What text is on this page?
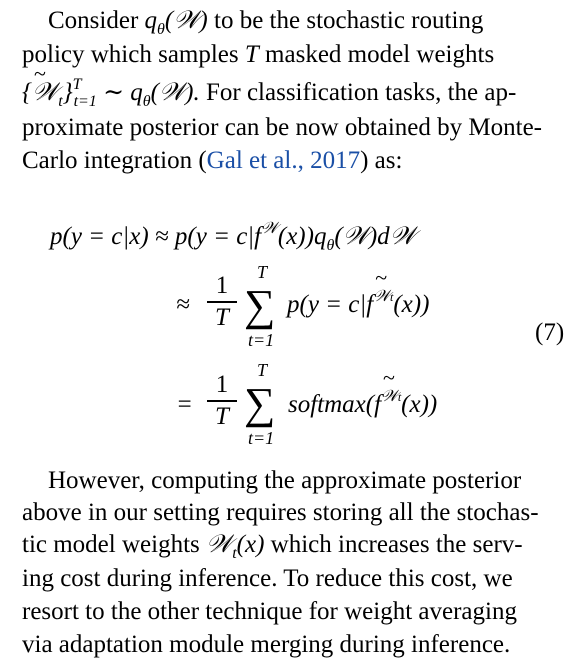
Consider $q_\theta(𝒲)$ to be the stochastic routing
policy which samples T masked model weights
{~ 𝒲$_t$}$^T_{t=1}$ ∼ $q_\theta(𝒲)$. For classification tasks, the ap-
proximate posterior can be now obtained by Monte-
Carlo integration (Gal et al., 2017) as:
$p(y = c|x) \approx p(y = c|f^𝒲(x))q_\theta(𝒲)d𝒲$
≈
1
T
T
∑
t=1
p(y = c|f~ $^{𝒲t}$(x))
(7)
=
1
T
T
∑
t=1
softmax(f~ $^{𝒲t}$(x))
However, computing the approximate posterior
above in our setting requires storing all the stochas-
tic model weights 𝒲$_t$(x) which increases the serv-
ing cost during inference. To reduce this cost, we
resort to the other technique for weight averaging
via adaptation module merging during inference.
